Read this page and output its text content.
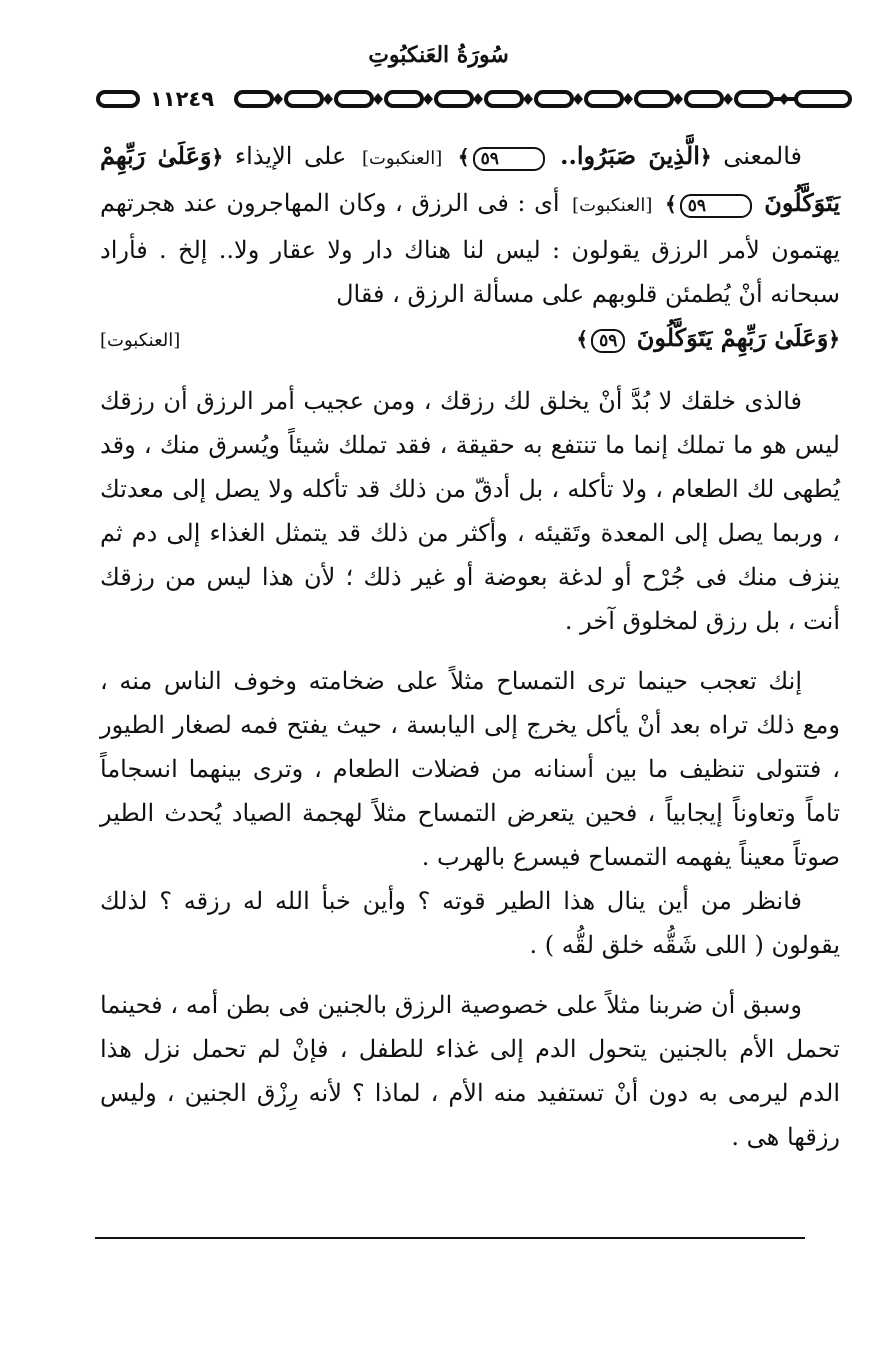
سُورَةُ العَنكبُوتِ
١١٢٤٩

فالمعنى ﴿الَّذِينَ صَبَرُوا.. ٥٩﴾ [العنكبوت] على الإيذاء ﴿وَعَلَىٰ رَبِّهِمْ يَتَوَكَّلُونَ ٥٩﴾ [العنكبوت] أى : فى الرزق ، وكان المهاجرون عند هجرتهم يهتمون لأمر الرزق يقولون : ليس لنا هناك دار ولا عقار ولا.. إلخ . فأراد سبحانه أنْ يُطمئن قلوبهم على مسألة الرزق ، فقال

﴿وَعَلَىٰ رَبِّهِمْ يَتَوَكَّلُونَ ٥٩﴾
[العنكبوت]

فالذى خلقك لا بُدَّ أنْ يخلق لك رزقك ، ومن عجيب أمر الرزق أن رزقك ليس هو ما تملك إنما ما تنتفع به حقيقة ، فقد تملك شيئاً ويُسرق منك ، وقد يُطهى لك الطعام ، ولا تأكله ، بل أدقّ من ذلك قد تأكله ولا يصل إلى معدتك ، وربما يصل إلى المعدة وتَقيئه ، وأكثر من ذلك قد يتمثل الغذاء إلى دم ثم ينزف منك فى جُرْح أو لدغة بعوضة أو غير ذلك ؛ لأن هذا ليس من رزقك أنت ، بل رزق لمخلوق آخر .

إنك تعجب حينما ترى التمساح مثلاً على ضخامته وخوف الناس منه ، ومع ذلك تراه بعد أنْ يأكل يخرج إلى اليابسة ، حيث يفتح فمه لصغار الطيور ، فتتولى تنظيف ما بين أسنانه من فضلات الطعام ، وترى بينهما انسجاماً تاماً وتعاوناً إيجابياً ، فحين يتعرض التمساح مثلاً لهجمة الصياد يُحدث الطير صوتاً معيناً يفهمه التمساح فيسرع بالهرب .

فانظر من أين ينال هذا الطير قوته ؟ وأين خبأ الله له رزقه ؟ لذلك يقولون ( اللى شَقُّه خلق لقُّه ) .

وسبق أن ضربنا مثلاً على خصوصية الرزق بالجنين فى بطن أمه ، فحينما تحمل الأم بالجنين يتحول الدم إلى غذاء للطفل ، فإنْ لم تحمل نزل هذا الدم ليرمى به دون أنْ تستفيد منه الأم ، لماذا ؟ لأنه رِزْق الجنين ، وليس رزقها هى .
